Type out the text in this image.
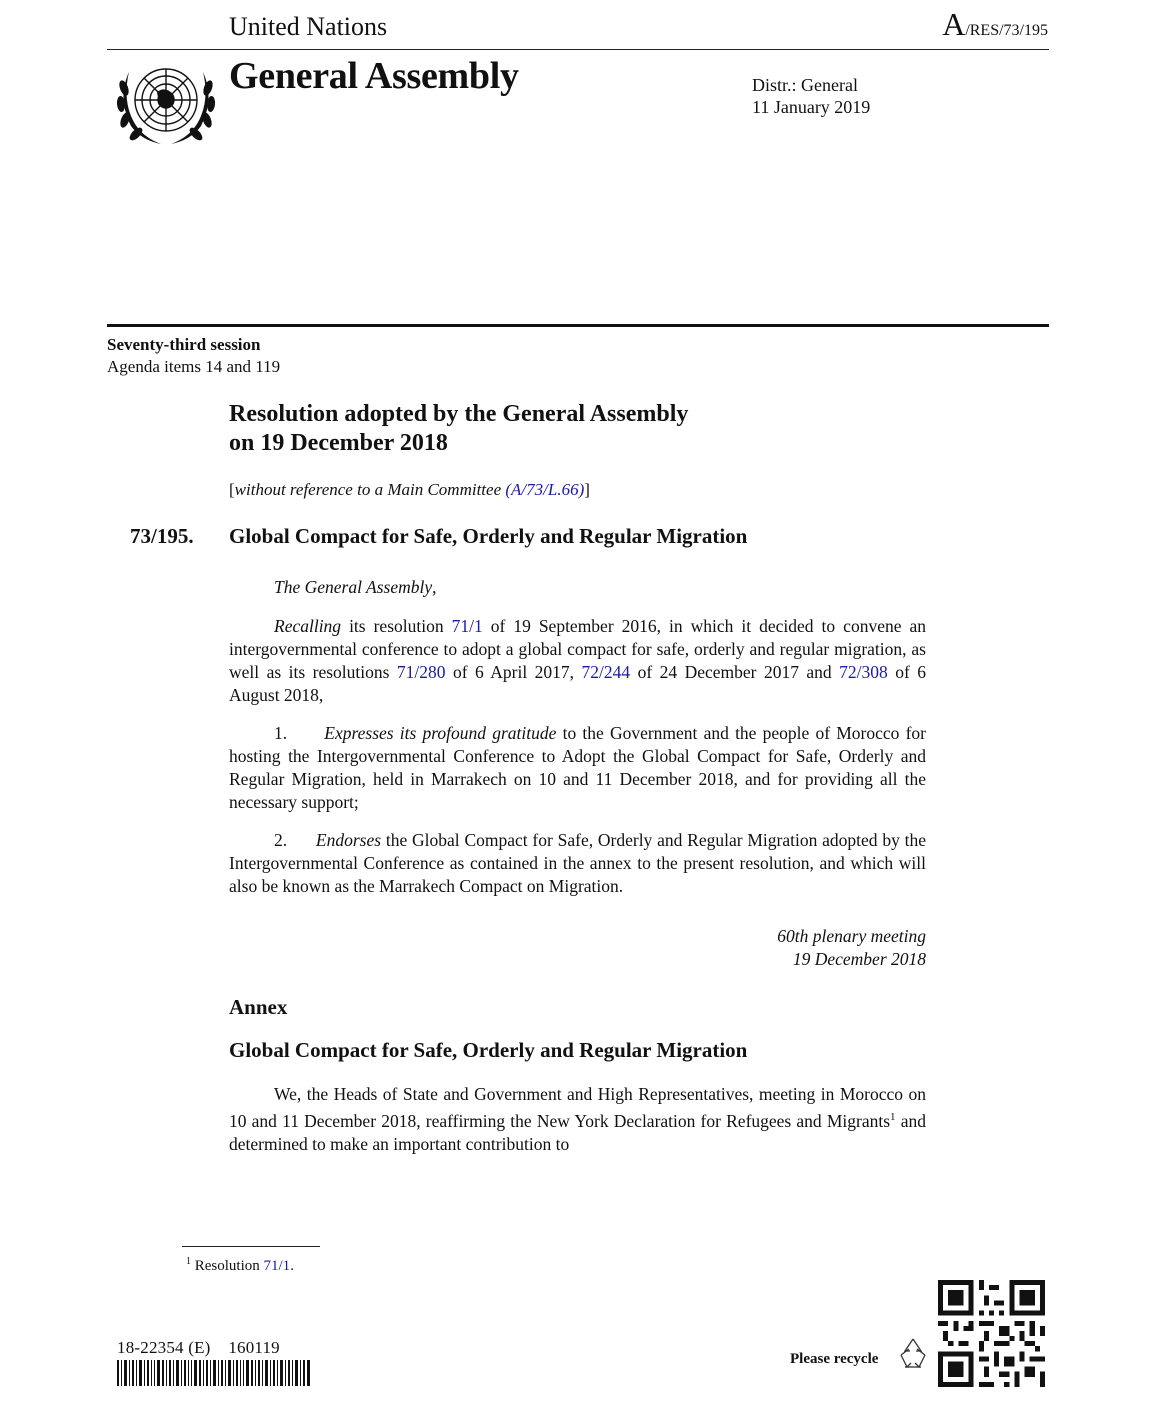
United Nations	A/RES/73/195
General Assembly	Distr.: General
11 January 2019
Seventy-third session
Agenda items 14 and 119
Resolution adopted by the General Assembly
on 19 December 2018
[without reference to a Main Committee (A/73/L.66)]
73/195. Global Compact for Safe, Orderly and Regular Migration

The General Assembly,

Recalling its resolution 71/1 of 19 September 2016, in which it decided to convene an intergovernmental conference to adopt a global compact for safe, orderly and regular migration, as well as its resolutions 71/280 of 6 April 2017, 72/244 of 24 December 2017 and 72/308 of 6 August 2018,

1. Expresses its profound gratitude to the Government and the people of Morocco for hosting the Intergovernmental Conference to Adopt the Global Compact for Safe, Orderly and Regular Migration, held in Marrakech on 10 and 11 December 2018, and for providing all the necessary support;

2. Endorses the Global Compact for Safe, Orderly and Regular Migration adopted by the Intergovernmental Conference as contained in the annex to the present resolution, and which will also be known as the Marrakech Compact on Migration.

60th plenary meeting
19 December 2018
Annex
Global Compact for Safe, Orderly and Regular Migration

We, the Heads of State and Government and High Representatives, meeting in Morocco on 10 and 11 December 2018, reaffirming the New York Declaration for Refugees and Migrants$^1$ and determined to make an important contribution to

$^1$ Resolution 71/1.
18-22354 (E)    160119
Please recycle
